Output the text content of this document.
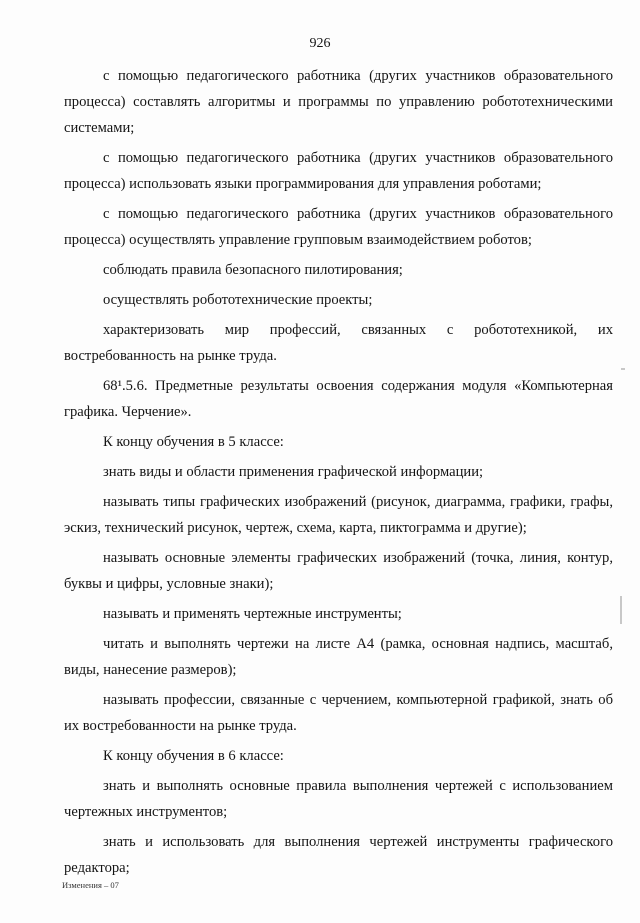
926

с помощью педагогического работника (других участников образовательного процесса) составлять алгоритмы и программы по управлению робототехническими системами;

с помощью педагогического работника (других участников образовательного процесса) использовать языки программирования для управления роботами;

с помощью педагогического работника (других участников образовательного процесса) осуществлять управление групповым взаимодействием роботов;

соблюдать правила безопасного пилотирования;

осуществлять робототехнические проекты;

характеризовать мир профессий, связанных с робототехникой, их востребованность на рынке труда.

68¹.5.6. Предметные результаты освоения содержания модуля «Компьютерная графика. Черчение».

К концу обучения в 5 классе:

знать виды и области применения графической информации;

называть типы графических изображений (рисунок, диаграмма, графики, графы, эскиз, технический рисунок, чертеж, схема, карта, пиктограмма и другие);

называть основные элементы графических изображений (точка, линия, контур, буквы и цифры, условные знаки);

называть и применять чертежные инструменты;

читать и выполнять чертежи на листе А4 (рамка, основная надпись, масштаб, виды, нанесение размеров);

называть профессии, связанные с черчением, компьютерной графикой, знать об их востребованности на рынке труда.

К концу обучения в 6 классе:

знать и выполнять основные правила выполнения чертежей с использованием чертежных инструментов;

знать и использовать для выполнения чертежей инструменты графического редактора;

Изменения – 07
